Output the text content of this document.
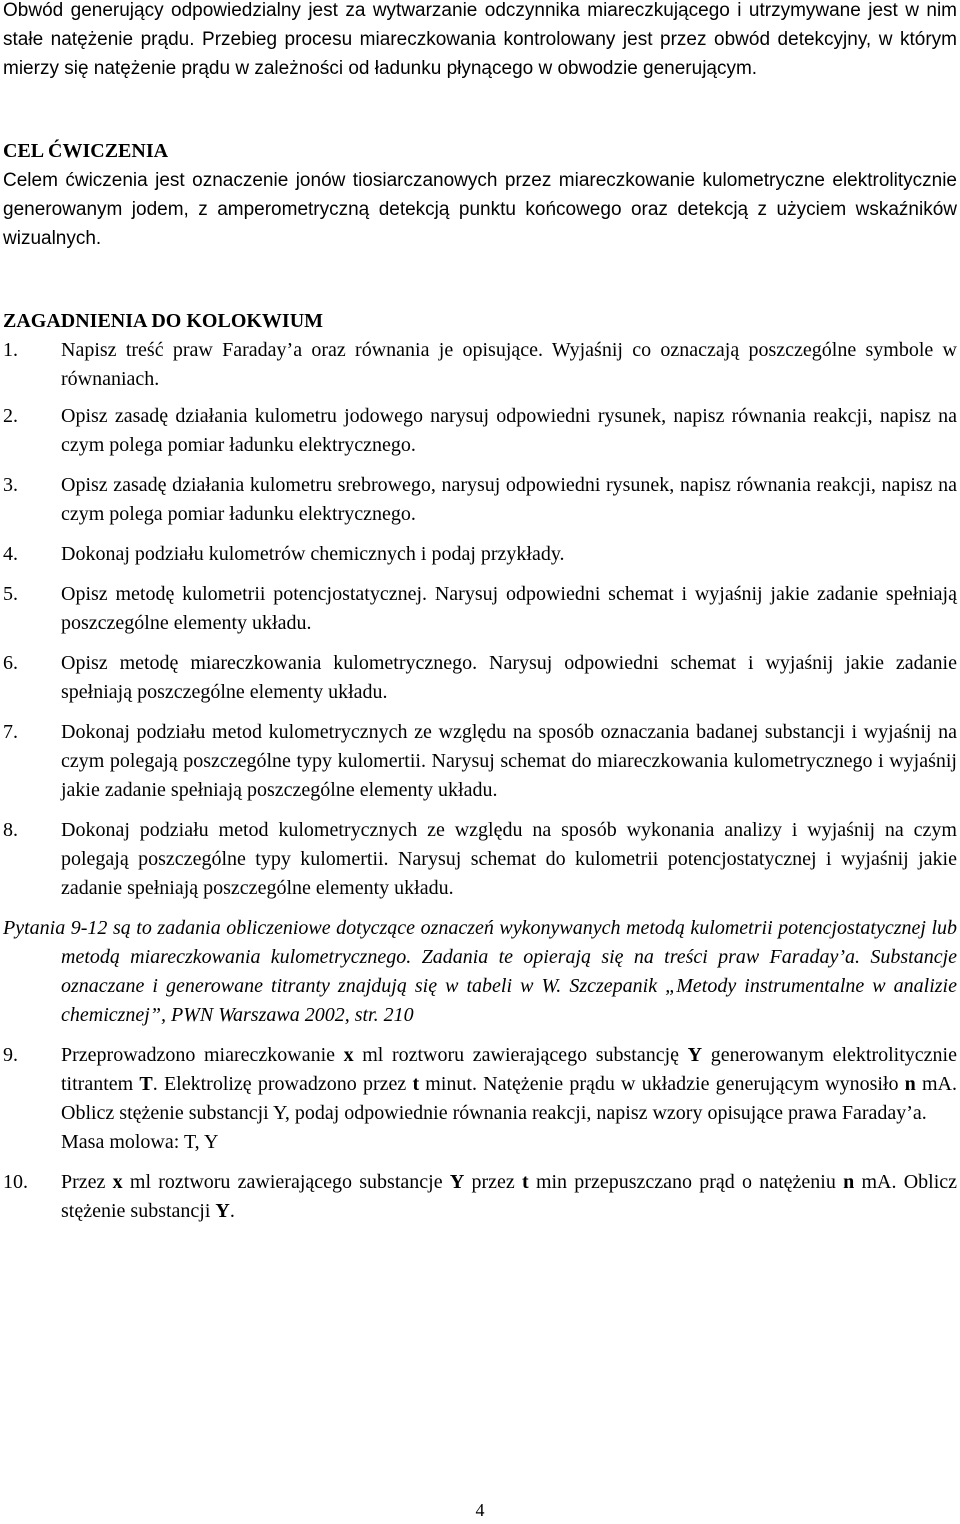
Obwód generujący odpowiedzialny jest za wytwarzanie odczynnika miareczkującego i utrzymywane jest w nim stałe natężenie prądu. Przebieg procesu miareczkowania kontrolowany jest przez obwód detekcyjny, w którym mierzy się natężenie prądu w zależności od ładunku płynącego w obwodzie generującym.

CEL ĆWICZENIA

Celem ćwiczenia jest oznaczenie jonów tiosiarczanowych przez miareczkowanie kulometryczne elektrolitycznie generowanym jodem, z amperometryczną detekcją punktu końcowego oraz detekcją z użyciem wskaźników wizualnych.

ZAGADNIENIA DO KOLOKWIUM

1. Napisz treść praw Faraday’a oraz równania je opisujące. Wyjaśnij co oznaczają poszczególne symbole w równaniach.
2. Opisz zasadę działania kulometru jodowego narysuj odpowiedni rysunek, napisz równania reakcji, napisz na czym polega pomiar ładunku elektrycznego.
3. Opisz zasadę działania kulometru srebrowego, narysuj odpowiedni rysunek, napisz równania reakcji, napisz na czym polega pomiar ładunku elektrycznego.
4. Dokonaj podziału kulometrów chemicznych i podaj przykłady.
5. Opisz metodę kulometrii potencjostatycznej. Narysuj odpowiedni schemat i wyjaśnij jakie zadanie spełniają poszczególne elementy układu.
6. Opisz metodę miareczkowania kulometrycznego. Narysuj odpowiedni schemat i wyjaśnij jakie zadanie spełniają poszczególne elementy układu.
7. Dokonaj podziału metod kulometrycznych ze względu na sposób oznaczania badanej substancji i wyjaśnij na czym polegają poszczególne typy kulomertii. Narysuj schemat do miareczkowania kulometrycznego i wyjaśnij jakie zadanie spełniają poszczególne elementy układu.
8. Dokonaj podziału metod kulometrycznych ze względu na sposób wykonania analizy i wyjaśnij na czym polegają poszczególne typy kulomertii. Narysuj schemat do kulometrii potencjostatycznej i wyjaśnij jakie zadanie spełniają poszczególne elementy układu.

Pytania 9-12 są to zadania obliczeniowe dotyczące oznaczeń wykonywanych metodą kulometrii potencjostatycznej lub metodą miareczkowania kulometrycznego. Zadania te opierają się na treści praw Faraday’a. Substancje oznaczane i generowane titranty znajdują się w tabeli w W. Szczepanik „Metody instrumentalne w analizie chemicznej”, PWN Warszawa 2002, str. 210

9. Przeprowadzono miareczkowanie x ml roztworu zawierającego substancję Y generowanym elektrolitycznie titrantem T. Elektrolizę prowadzono przez t minut. Natężenie prądu w układzie generującym wynosiło n mA. Oblicz stężenie substancji Y, podaj odpowiednie równania reakcji, napisz wzory opisujące prawa Faraday’a.
Masa molowa: T, Y
10. Przez x ml roztworu zawierającego substancje Y przez t min przepuszczano prąd o natężeniu n mA. Oblicz stężenie substancji Y.
4
